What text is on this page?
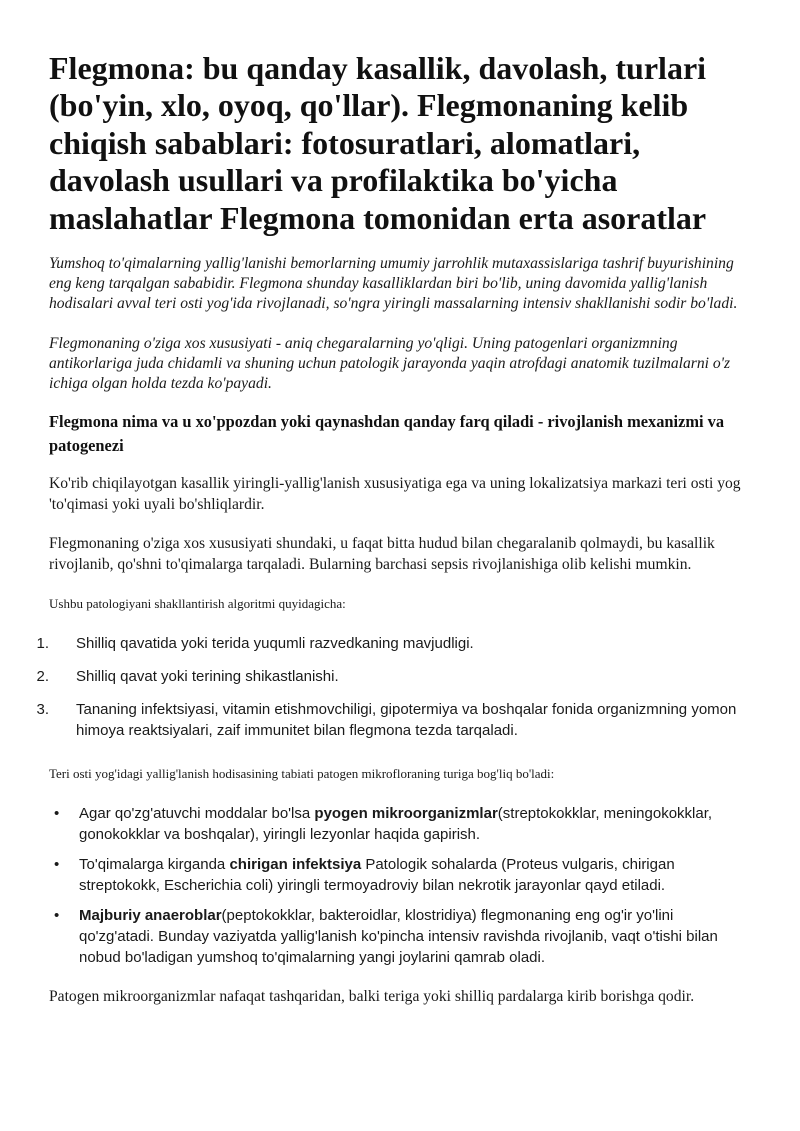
Flegmona: bu qanday kasallik, davolash, turlari (bo'yin, xlo, oyoq, qo'llar). Flegmonaning kelib chiqish sabablari: fotosuratlari, alomatlari, davolash usullari va profilaktika bo'yicha maslahatlar Flegmona tomonidan erta asoratlar

Yumshoq to'qimalarning yallig'lanishi bemorlarning umumiy jarrohlik mutaxassislariga tashrif buyurishining eng keng tarqalgan sababidir. Flegmona shunday kasalliklardan biri bo'lib, uning davomida yallig'lanish hodisalari avval teri osti yog'ida rivojlanadi, so'ngra yiringli massalarning intensiv shakllanishi sodir bo'ladi.

Flegmonaning o'ziga xos xususiyati - aniq chegaralarning yo'qligi. Uning patogenlari organizmning antikorlariga juda chidamli va shuning uchun patologik jarayonda yaqin atrofdagi anatomik tuzilmalarni o'z ichiga olgan holda tezda ko'payadi.

Flegmona nima va u xo'ppozdan yoki qaynashdan qanday farq qiladi - rivojlanish mexanizmi va patogenezi

Ko'rib chiqilayotgan kasallik yiringli-yallig'lanish xususiyatiga ega va uning lokalizatsiya markazi teri osti yog 'to'qimasi yoki uyali bo'shliqlardir.

Flegmonaning o'ziga xos xususiyati shundaki, u faqat bitta hudud bilan chegaralanib qolmaydi, bu kasallik rivojlanib, qo'shni to'qimalarga tarqaladi. Bularning barchasi sepsis rivojlanishiga olib kelishi mumkin.

Ushbu patologiyani shakllantirish algoritmi quyidagicha:

1. Shilliq qavatida yoki terida yuqumli razvedkaning mavjudligi.
2. Shilliq qavat yoki terining shikastlanishi.
3. Tananing infektsiyasi, vitamin etishmovchiligi, gipotermiya va boshqalar fonida organizmning yomon himoya reaktsiyalari, zaif immunitet bilan flegmona tezda tarqaladi.

Teri osti yog'idagi yallig'lanish hodisasining tabiati patogen mikrofloraning turiga bog'liq bo'ladi:

• Agar qo'zg'atuvchi moddalar bo'lsa pyogen mikroorganizmlar(streptokokklar, meningokokklar, gonokokklar va boshqalar), yiringli lezyonlar haqida gapirish.
• To'qimalarga kirganda chirigan infektsiya Patologik sohalarda (Proteus vulgaris, chirigan streptokokk, Escherichia coli) yiringli termoyadroviy bilan nekrotik jarayonlar qayd etiladi.
• Majburiy anaeroblar(peptokokklar, bakteroidlar, klostridiya) flegmonaning eng og'ir yo'lini qo'zg'atadi. Bunday vaziyatda yallig'lanish ko'pincha intensiv ravishda rivojlanib, vaqt o'tishi bilan nobud bo'ladigan yumshoq to'qimalarning yangi joylarini qamrab oladi.

Patogen mikroorganizmlar nafaqat tashqaridan, balki teriga yoki shilliq pardalarga kirib borishga qodir.
